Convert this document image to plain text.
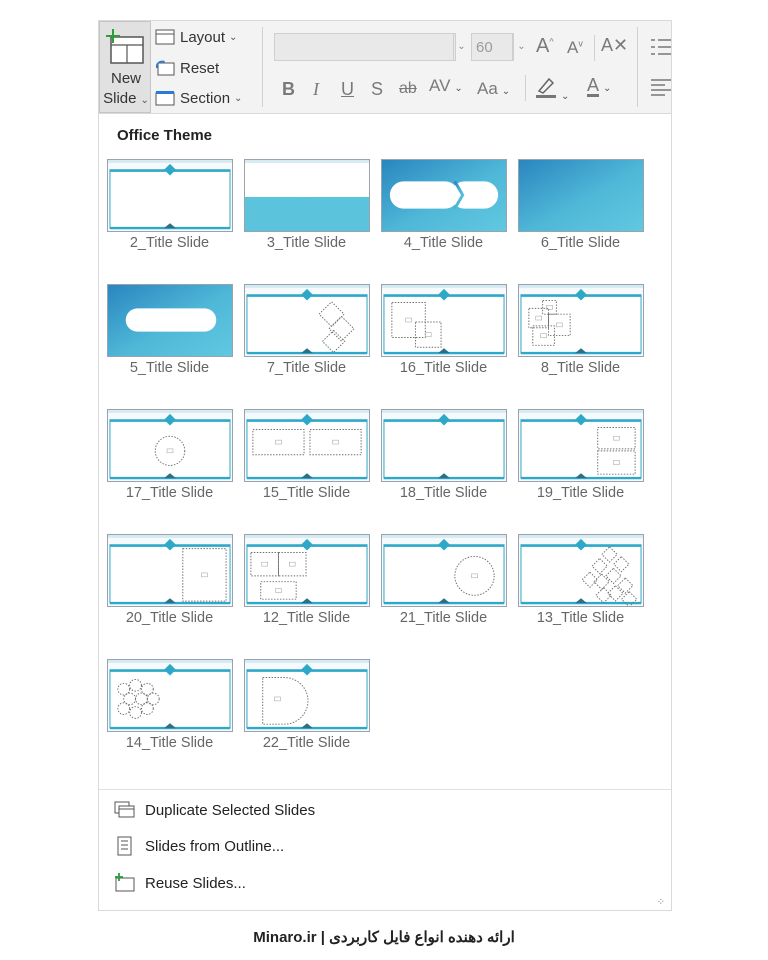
New
Slide ⌄
Layout ⌄
Reset
Section ⌄
⌄ 60	⌄ A^ $A^v$ A✕
B I U S ab AV ⌄ Aa ⌄	⌄
A ⌄
Office Theme
2_Title Slide	3_Title Slide	4_Title Slide	6_Title Slide
5_Title Slide	7_Title Slide	16_Title Slide	8_Title Slide
17_Title Slide	15_Title Slide	18_Title Slide	19_Title Slide
20_Title Slide	12_Title Slide	21_Title Slide	13_Title Slide
14_Title Slide	22_Title Slide
Duplicate Selected Slides
Slides from Outline...
Reuse Slides...
⁘
Minaro.ir | ارائه دهنده انواع فایل کاربردی
